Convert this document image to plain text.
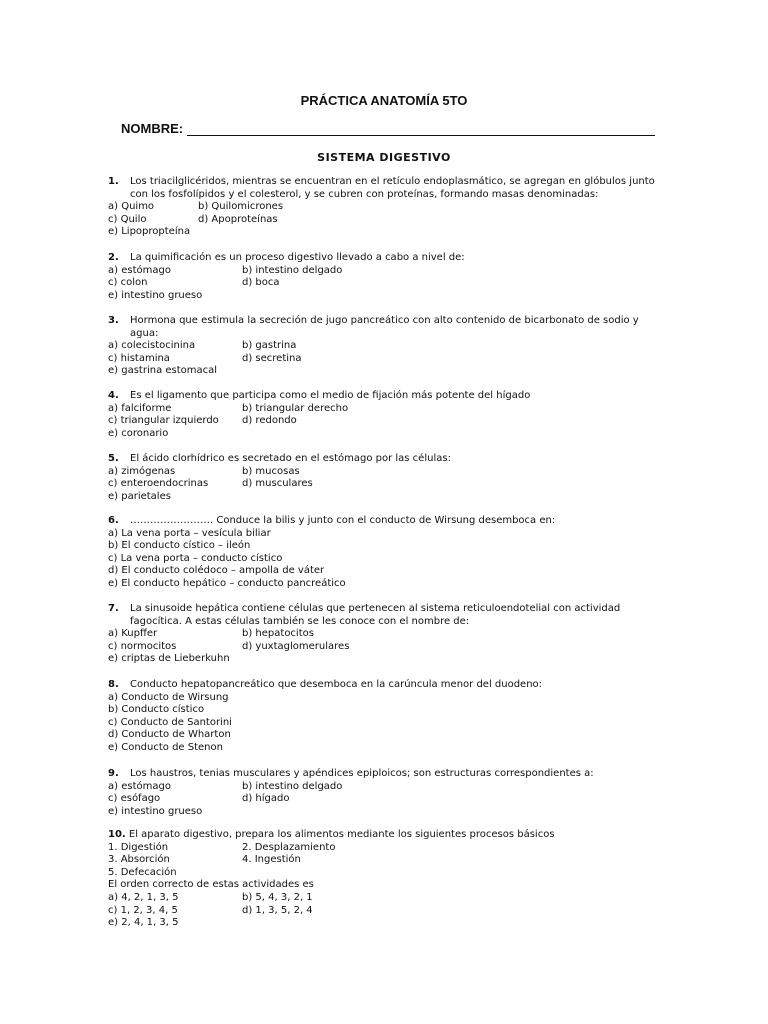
PRÁCTICA ANATOMÍA 5TO
NOMBRE:
SISTEMA DIGESTIVO
1. Los triacilglicéridos, mientras se encuentran en el retículo endoplasmático, se agregan en glóbulos junto con los fosfolípidos y el colesterol, y se cubren con proteínas, formando masas denominadas:
a) Quimo	b) Quilomicrones
c) Quilo	d) Apoproteínas
e) Lipopropteína
2. La quimificación es un proceso digestivo llevado a cabo a nivel de:
a) estómago	b) intestino delgado
c) colon	d) boca
e) intestino grueso
3. Hormona que estimula la secreción de jugo pancreático con alto contenido de bicarbonato de sodio y agua:
a) colecistocinina	b) gastrina
c) histamina	d) secretina
e) gastrina estomacal
4. Es el ligamento que participa como el medio de fijación más potente del hígado
a) falciforme	b) triangular derecho
c) triangular izquierdo d) redondo
e) coronario
5. El ácido clorhídrico es secretado en el estómago por las células:
a) zimógenas	b) mucosas
c) enteroendocrinas	d) musculares
e) parietales
6. ……………………. Conduce la bilis y junto con el conducto de Wirsung desemboca en:
a) La vena porta – vesícula biliar
b) El conducto cístico – ileón
c) La vena porta – conducto cístico
d) El conducto colédoco – ampolla de váter
e) El conducto hepático – conducto pancreático
7. La sinusoide hepática contiene células que pertenecen al sistema reticuloendotelial con actividad fagocítica. A estas células también se les conoce con el nombre de:
a) Kupffer	b) hepatocitos
c) normocitos	d) yuxtaglomerulares
e) criptas de Lieberkuhn
8. Conducto hepatopancreático que desemboca en la carúncula menor del duodeno:
a) Conducto de Wirsung
b) Conducto cístico
c) Conducto de Santorini
d) Conducto de Wharton
e) Conducto de Stenon
9. Los haustros, tenias musculares y apéndices epiploicos; son estructuras correspondientes a:
a) estómago	b) intestino delgado
c) esófago	d) hígado
e) intestino grueso
10. El aparato digestivo, prepara los alimentos mediante los siguientes procesos básicos
1. Digestión	2. Desplazamiento
3. Absorción	4. Ingestión
5. Defecación
El orden correcto de estas actividades es
a) 4, 2, 1, 3, 5	b) 5, 4, 3, 2, 1
c) 1, 2, 3, 4, 5	d) 1, 3, 5, 2, 4
e) 2, 4, 1, 3, 5
